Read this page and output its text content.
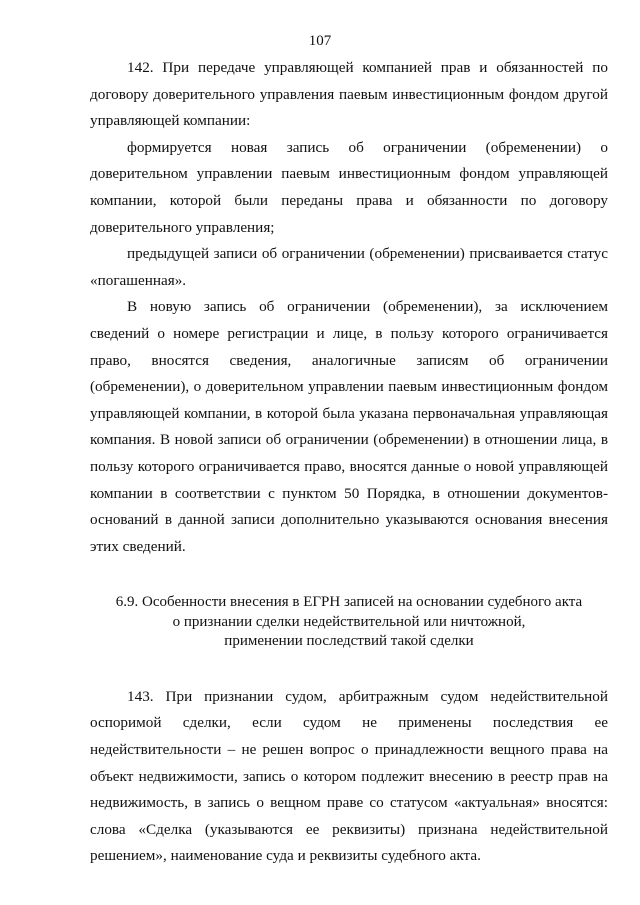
107

142. При передаче управляющей компанией прав и обязанностей по договору доверительного управления паевым инвестиционным фондом другой управляющей компании:

формируется новая запись об ограничении (обременении) о доверительном управлении паевым инвестиционным фондом управляющей компании, которой были переданы права и обязанности по договору доверительного управления;

предыдущей записи об ограничении (обременении) присваивается статус «погашенная».

В новую запись об ограничении (обременении), за исключением сведений о номере регистрации и лице, в пользу которого ограничивается право, вносятся сведения, аналогичные записям об ограничении (обременении), о доверительном управлении паевым инвестиционным фондом управляющей компании, в которой была указана первоначальная управляющая компания. В новой записи об ограничении (обременении) в отношении лица, в пользу которого ограничивается право, вносятся данные о новой управляющей компании в соответствии с пунктом 50 Порядка, в отношении документов-оснований в данной записи дополнительно указываются основания внесения этих сведений.

6.9. Особенности внесения в ЕГРН записей на основании судебного акта
о признании сделки недействительной или ничтожной,
применении последствий такой сделки

143. При признании судом, арбитражным судом недействительной оспоримой сделки, если судом не применены последствия ее недействительности – не решен вопрос о принадлежности вещного права на объект недвижимости, запись о котором подлежит внесению в реестр прав на недвижимость, в запись о вещном праве со статусом «актуальная» вносятся: слова «Сделка (указываются ее реквизиты) признана недействительной решением», наименование суда и реквизиты судебного акта.
